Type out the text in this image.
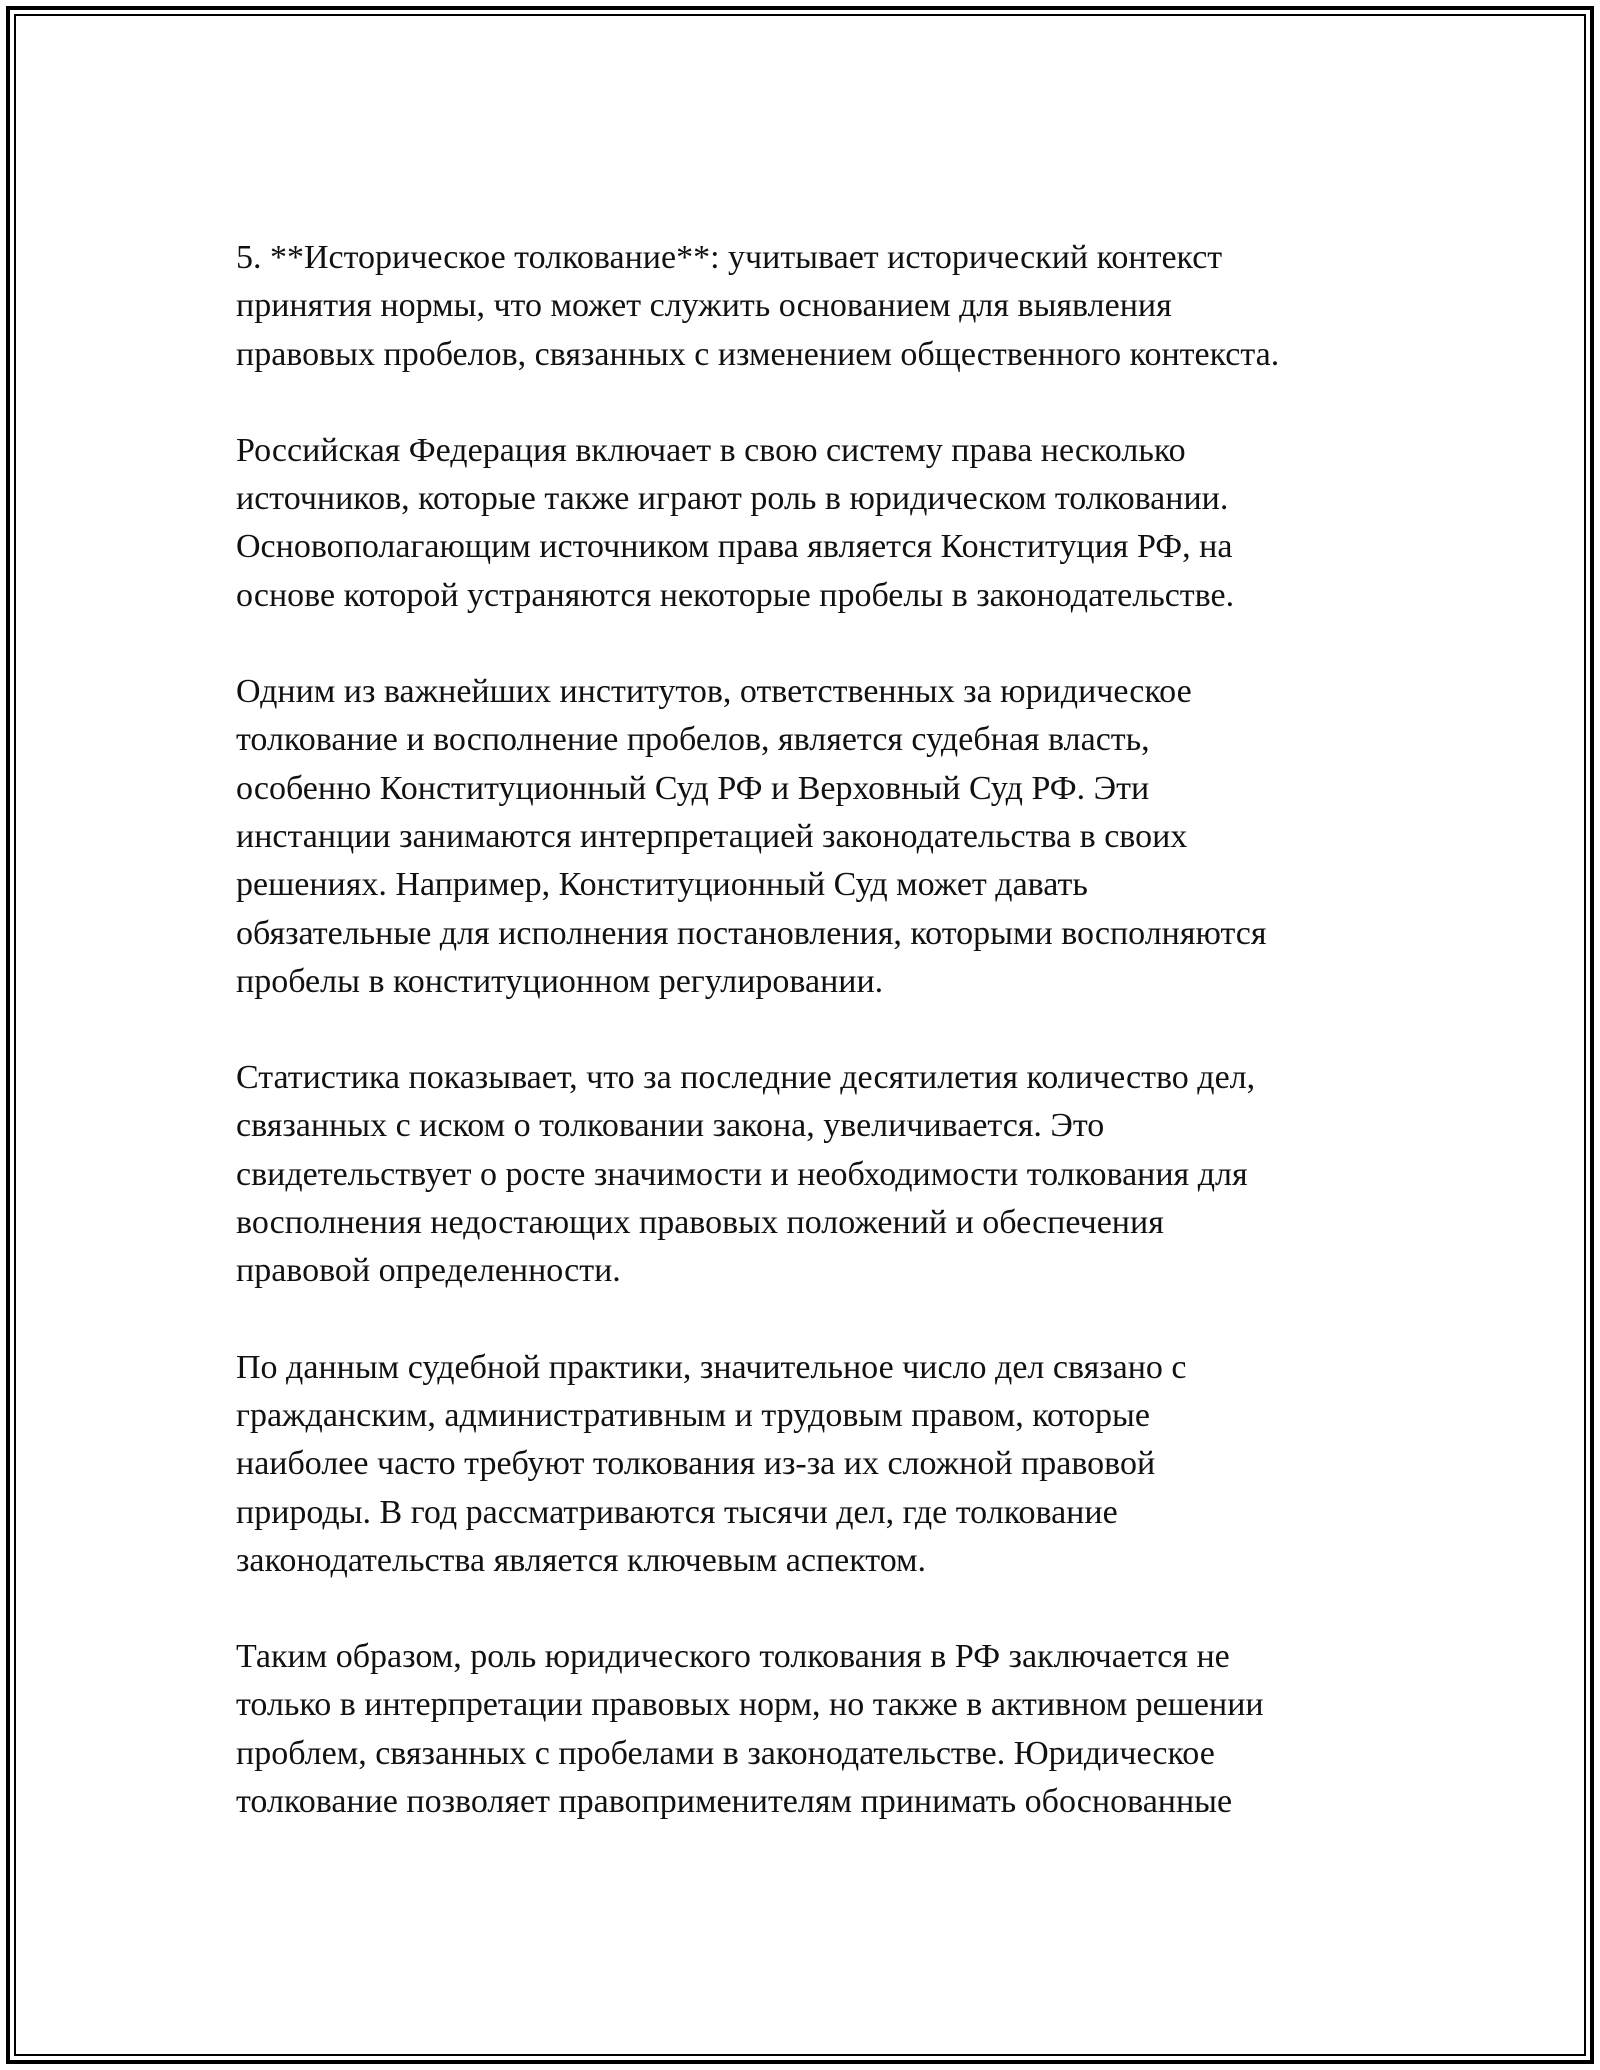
5. **Историческое толкование**: учитывает исторический контекст
принятия нормы, что может служить основанием для выявления
правовых пробелов, связанных с изменением общественного контекста.

Российская Федерация включает в свою систему права несколько
источников, которые также играют роль в юридическом толковании.
Основополагающим источником права является Конституция РФ, на
основе которой устраняются некоторые пробелы в законодательстве.

Одним из важнейших институтов, ответственных за юридическое
толкование и восполнение пробелов, является судебная власть,
особенно Конституционный Суд РФ и Верховный Суд РФ. Эти
инстанции занимаются интерпретацией законодательства в своих
решениях. Например, Конституционный Суд может давать
обязательные для исполнения постановления, которыми восполняются
пробелы в конституционном регулировании.

Статистика показывает, что за последние десятилетия количество дел,
связанных с иском о толковании закона, увеличивается. Это
свидетельствует о росте значимости и необходимости толкования для
восполнения недостающих правовых положений и обеспечения
правовой определенности.

По данным судебной практики, значительное число дел связано с
гражданским, административным и трудовым правом, которые
наиболее часто требуют толкования из-за их сложной правовой
природы. В год рассматриваются тысячи дел, где толкование
законодательства является ключевым аспектом.

Таким образом, роль юридического толкования в РФ заключается не
только в интерпретации правовых норм, но также в активном решении
проблем, связанных с пробелами в законодательстве. Юридическое
толкование позволяет правоприменителям принимать обоснованные
